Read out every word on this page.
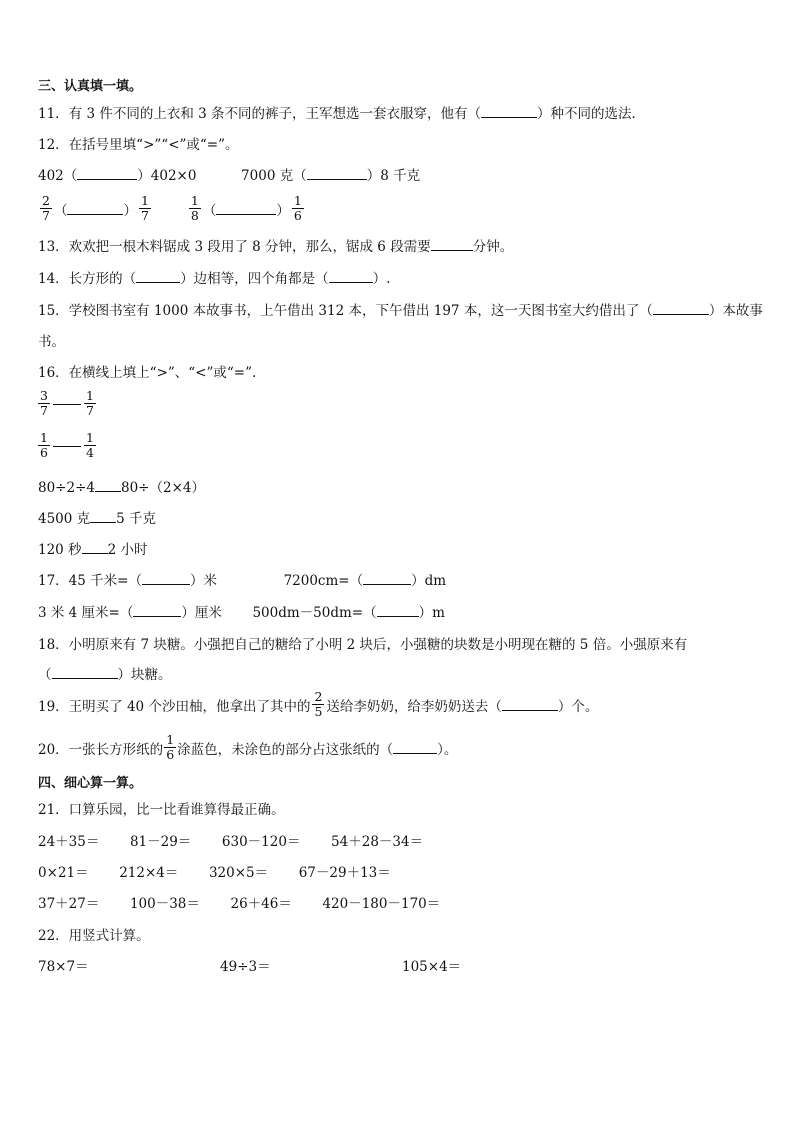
三、认真填一填。
11．有 3 件不同的上衣和 3 条不同的裤子，王军想选一套衣服穿，他有（	）种不同的选法．
12．在括号里填“>”“<”或“=”。
402（	）402×0	7000 克（	）8 千克
$\frac{2}{7}$ （	） $\frac{1}{7}$	$\frac{1}{8}$ （	） $\frac{1}{6}$
13．欢欢把一根木料锯成 3 段用了 8 分钟，那么，锯成 6 段需要	分钟。
14．长方形的（	）边相等，四个角都是（	）.
15．学校图书室有 1000 本故事书，上午借出 312 本，下午借出 197 本，这一天图书室大约借出了（	）本故事
书。
16．在横线上填上“>”、“<”或“=”.
$\frac{3}{7}$	$\frac{1}{7}$
$\frac{1}{6}$	$\frac{1}{4}$
80÷2÷4 80÷（2×4）
4500 克 5 千克
120 秒 2 小时
17．45 千米=（	）米	7200cm=（	）dm
3 米 4 厘米=（	）厘米 500dm－50dm=（	）m
18．小明原来有 7 块糖。小强把自己的糖给了小明 2 块后，小强糖的块数是小明现在糖的 5 倍。小强原来有
（	）块糖。
19．王明买了 40 个沙田柚，他拿出了其中的 $\frac{2}{5}$ 送给李奶奶，给李奶奶送去（	）个。
20．一张长方形纸的 $\frac{1}{6}$ 涂蓝色，未涂色的部分占这张纸的（	）。
四、细心算一算。
21．口算乐园，比一比看谁算得最正确。
24＋35＝ 81－29＝ 630－120＝ 54＋28－34＝
0×21＝ 212×4＝ 320×5＝ 67－29＋13＝
37＋27＝ 100－38＝ 26＋46＝ 420－180－170＝
22．用竖式计算。
78×7＝	49÷3＝	105×4＝
